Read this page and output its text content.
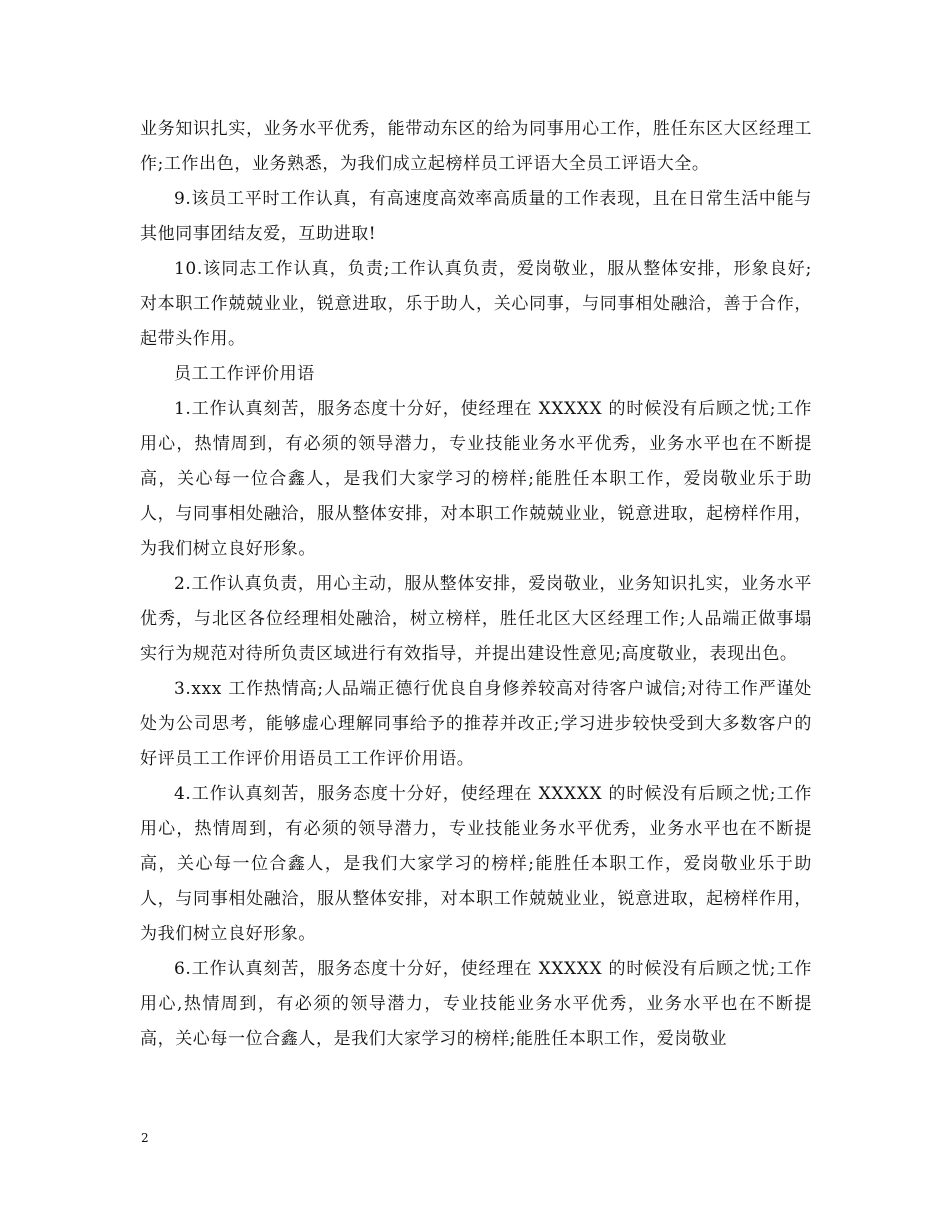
业务知识扎实，业务水平优秀，能带动东区的给为同事用心工作，胜任东区大区经理工作;工作出色，业务熟悉，为我们成立起榜样员工评语大全员工评语大全。

9.该员工平时工作认真，有高速度高效率高质量的工作表现，且在日常生活中能与其他同事团结友爱，互助进取!

10.该同志工作认真，负责;工作认真负责，爱岗敬业，服从整体安排，形象良好;对本职工作兢兢业业，锐意进取，乐于助人，关心同事，与同事相处融洽，善于合作，起带头作用。

员工工作评价用语

1.工作认真刻苦，服务态度十分好，使经理在 XXXXX 的时候没有后顾之忧;工作用心，热情周到，有必须的领导潜力，专业技能业务水平优秀，业务水平也在不断提高，关心每一位合鑫人，是我们大家学习的榜样;能胜任本职工作，爱岗敬业乐于助人，与同事相处融洽，服从整体安排，对本职工作兢兢业业，锐意进取，起榜样作用，为我们树立良好形象。

2.工作认真负责，用心主动，服从整体安排，爱岗敬业，业务知识扎实，业务水平优秀，与北区各位经理相处融洽，树立榜样，胜任北区大区经理工作;人品端正做事塌实行为规范对待所负责区域进行有效指导，并提出建设性意见;高度敬业，表现出色。

3.xxx 工作热情高;人品端正德行优良自身修养较高对待客户诚信;对待工作严谨处处为公司思考，能够虚心理解同事给予的推荐并改正;学习进步较快受到大多数客户的好评员工工作评价用语员工工作评价用语。

4.工作认真刻苦，服务态度十分好，使经理在 XXXXX 的时候没有后顾之忧;工作用心，热情周到，有必须的领导潜力，专业技能业务水平优秀，业务水平也在不断提高，关心每一位合鑫人，是我们大家学习的榜样;能胜任本职工作，爱岗敬业乐于助人，与同事相处融洽，服从整体安排，对本职工作兢兢业业，锐意进取，起榜样作用，为我们树立良好形象。

6.工作认真刻苦，服务态度十分好，使经理在 XXXXX 的时候没有后顾之忧;工作用心,热情周到，有必须的领导潜力，专业技能业务水平优秀，业务水平也在不断提高，关心每一位合鑫人，是我们大家学习的榜样;能胜任本职工作，爱岗敬业

2
